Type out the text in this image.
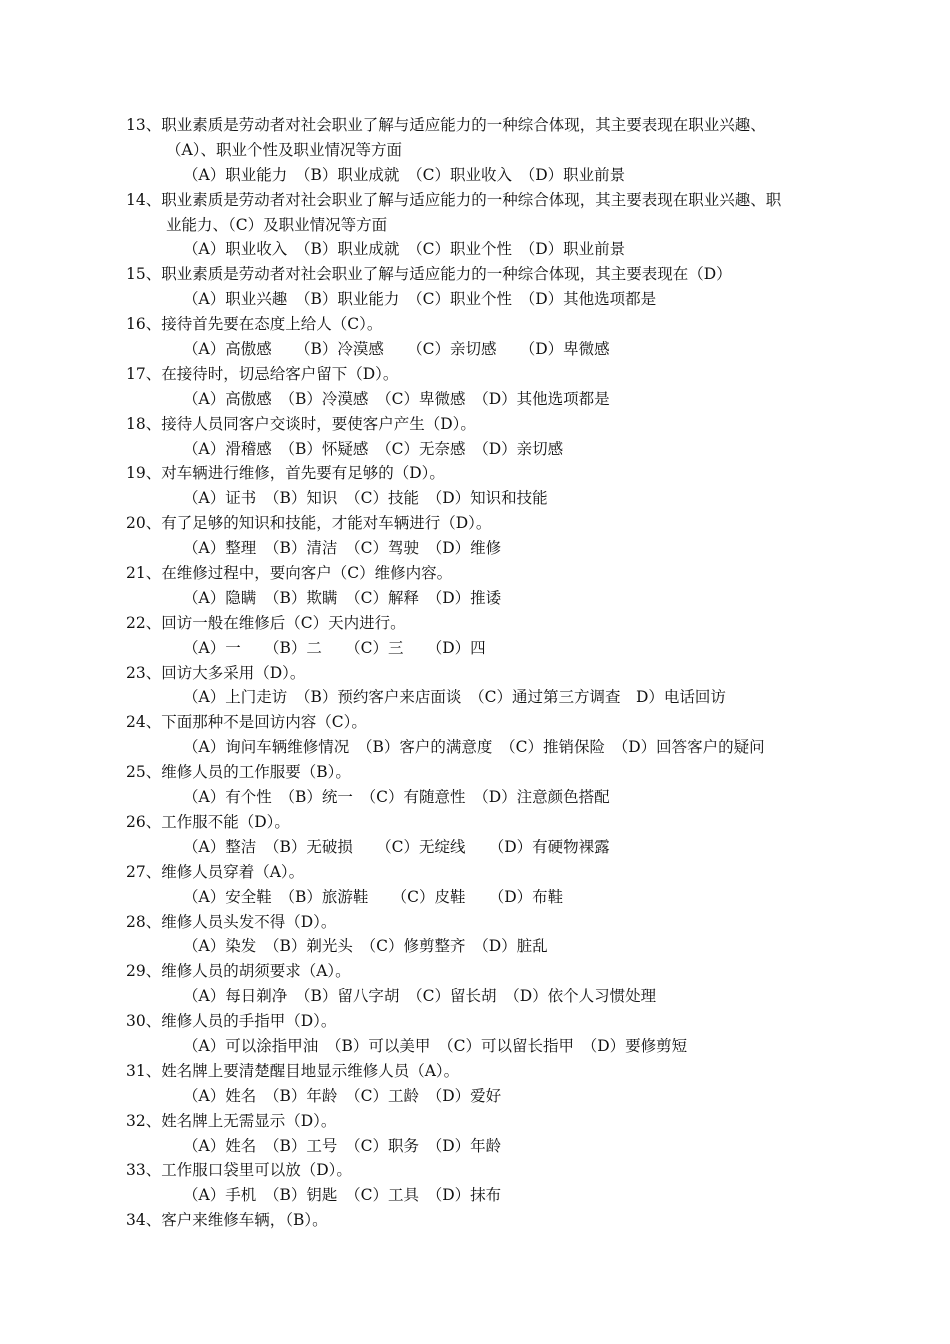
13、职业素质是劳动者对社会职业了解与适应能力的一种综合体现，其主要表现在职业兴趣、
（A）、职业个性及职业情况等方面
（A）职业能力　（B）职业成就　（C）职业收入　（D）职业前景
14、职业素质是劳动者对社会职业了解与适应能力的一种综合体现，其主要表现在职业兴趣、职
业能力、（C）及职业情况等方面
（A）职业收入　（B）职业成就　（C）职业个性　（D）职业前景
15、职业素质是劳动者对社会职业了解与适应能力的一种综合体现，其主要表现在（D）
（A）职业兴趣　（B）职业能力　（C）职业个性　（D）其他选项都是
16、接待首先要在态度上给人（C）。
（A）高傲感　　（B）冷漠感　　（C）亲切感　　（D）卑微感
17、在接待时，切忌给客户留下（D）。
（A）高傲感　（B）冷漠感　（C）卑微感　（D）其他选项都是
18、接待人员同客户交谈时，要使客户产生（D）。
（A）滑稽感　（B）怀疑感　（C）无奈感　（D）亲切感
19、对车辆进行维修，首先要有足够的（D）。
（A）证书　（B）知识　（C）技能　（D）知识和技能
20、有了足够的知识和技能，才能对车辆进行（D）。
（A）整理　（B）清洁　（C）驾驶　（D）维修
21、在维修过程中，要向客户（C）维修内容。
（A）隐瞒　（B）欺瞒　（C）解释　（D）推诿
22、回访一般在维修后（C）天内进行。
（A）一　　（B）二　　（C）三　　（D）四
23、回访大多采用（D）。
（A）上门走访　（B）预约客户来店面谈　（C）通过第三方调查　D）电话回访
24、下面那种不是回访内容（C）。
（A）询问车辆维修情况　（B）客户的满意度　（C）推销保险　（D）回答客户的疑问
25、维修人员的工作服要（B）。
（A）有个性　（B）统一　（C）有随意性　（D）注意颜色搭配
26、工作服不能（D）。
（A）整洁　（B）无破损　　（C）无绽线　　（D）有硬物裸露
27、维修人员穿着（A）。
（A）安全鞋　（B）旅游鞋　　（C）皮鞋　　（D）布鞋
28、维修人员头发不得（D）。
（A）染发　（B）剃光头　（C）修剪整齐　（D）脏乱
29、维修人员的胡须要求（A）。
（A）每日剃净　（B）留八字胡　（C）留长胡　（D）依个人习惯处理
30、维修人员的手指甲（D）。
（A）可以涂指甲油　（B）可以美甲　（C）可以留长指甲　（D）要修剪短
31、姓名牌上要清楚醒目地显示维修人员（A）。
（A）姓名　（B）年龄　（C）工龄　（D）爱好
32、姓名牌上无需显示（D）。
（A）姓名　（B）工号　（C）职务　（D）年龄
33、工作服口袋里可以放（D）。
（A）手机　（B）钥匙　（C）工具　（D）抹布
34、客户来维修车辆，（B）。
